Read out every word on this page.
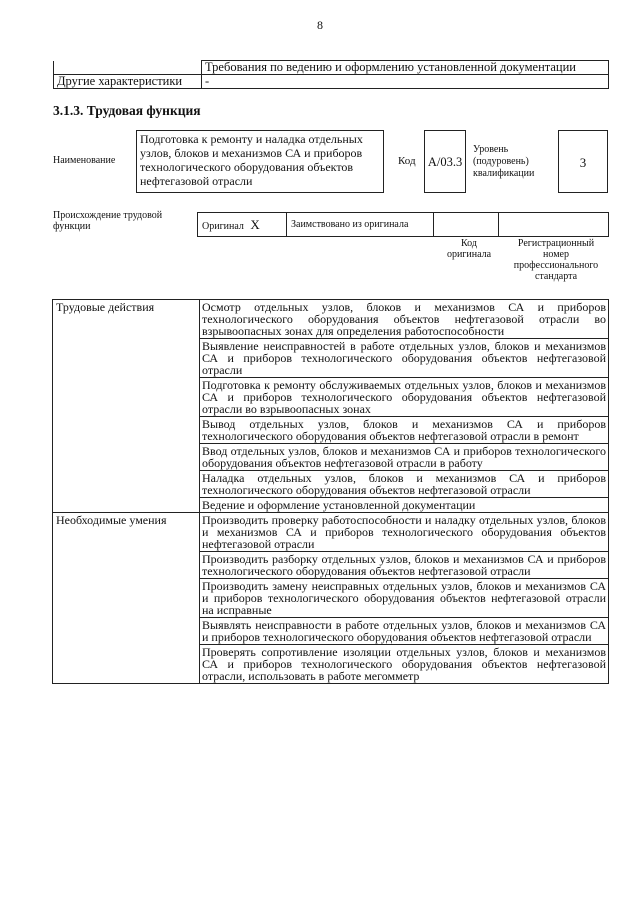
8
	Требования по ведению и оформлению установленной документации
Другие характеристики	-
3.1.3. Трудовая функция
Наименование
Подготовка к ремонту и наладка отдельных узлов, блоков и механизмов СА и приборов технологического оборудования объектов нефтегазовой отрасли
Код А/03.3
Уровень (подуровень) квалификации
3
Происхождение трудовой функции	Оригинал X	Заимствовано из оригинала		
Код оригинала
Регистрационный номер профессионального стандарта
Трудовые действия	Осмотр отдельных узлов, блоков и механизмов СА и приборов технологического оборудования объектов нефтегазовой отрасли во взрывоопасных зонах для определения работоспособности
	Выявление неисправностей в работе отдельных узлов, блоков и механизмов СА и приборов технологического оборудования объектов нефтегазовой отрасли
	Подготовка к ремонту обслуживаемых отдельных узлов, блоков и механизмов СА и приборов технологического оборудования объектов нефтегазовой отрасли во взрывоопасных зонах
	Вывод отдельных узлов, блоков и механизмов СА и приборов технологического оборудования объектов нефтегазовой отрасли в ремонт
	Ввод отдельных узлов, блоков и механизмов СА и приборов технологического оборудования объектов нефтегазовой отрасли в работу
	Наладка отдельных узлов, блоков и механизмов СА и приборов технологического оборудования объектов нефтегазовой отрасли
	Ведение и оформление установленной документации
Необходимые умения	Производить проверку работоспособности и наладку отдельных узлов, блоков и механизмов СА и приборов технологического оборудования объектов нефтегазовой отрасли
	Производить разборку отдельных узлов, блоков и механизмов СА и приборов технологического оборудования объектов нефтегазовой отрасли
	Производить замену неисправных отдельных узлов, блоков и механизмов СА и приборов технологического оборудования объектов нефтегазовой отрасли на исправные
	Выявлять неисправности в работе отдельных узлов, блоков и механизмов СА и приборов технологического оборудования объектов нефтегазовой отрасли
	Проверять сопротивление изоляции отдельных узлов, блоков и механизмов СА и приборов технологического оборудования объектов нефтегазовой отрасли, использовать в работе мегомметр
